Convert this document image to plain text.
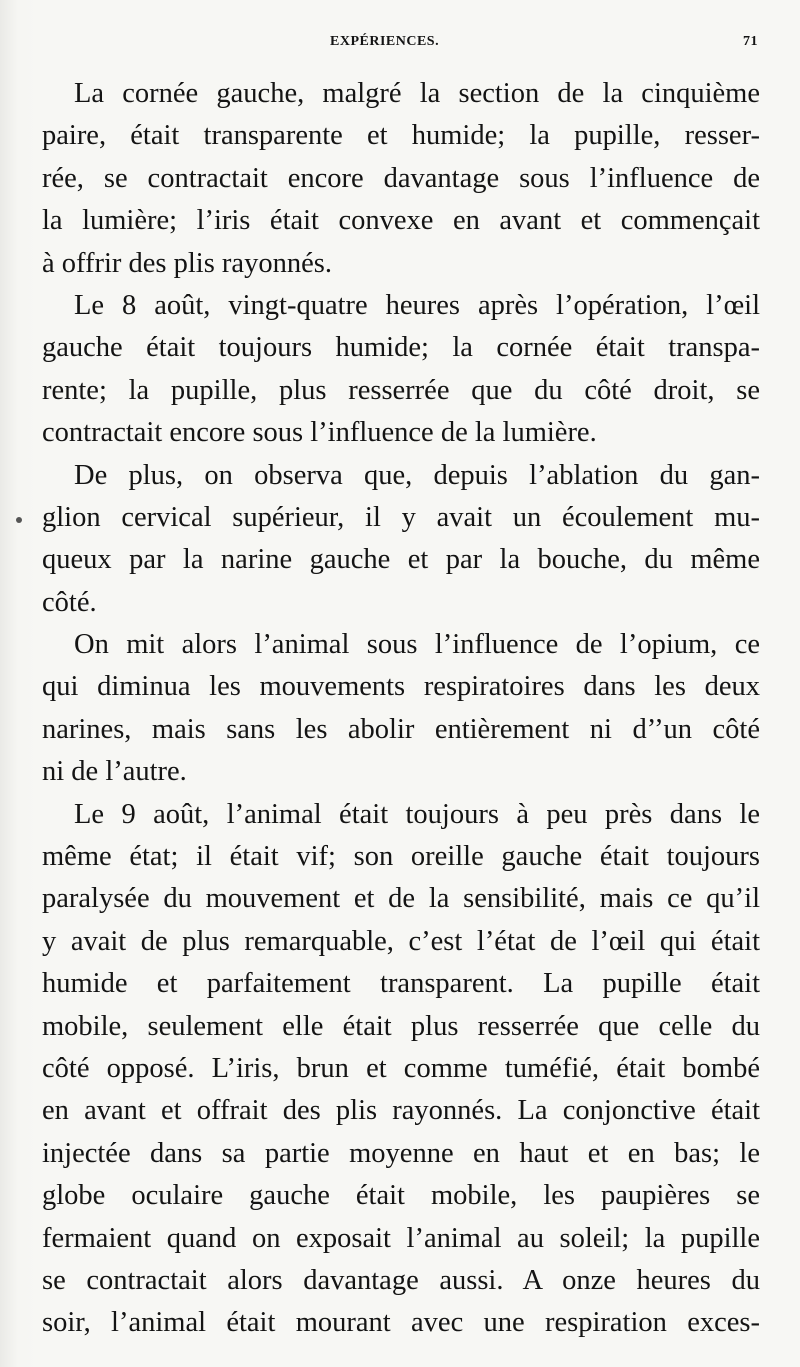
EXPÉRIENCES.	71
La cornée gauche, malgré la section de la cinquième
paire, était transparente et humide; la pupille, resser-
rée, se contractait encore davantage sous l’influence de
la lumière; l’iris était convexe en avant et commençait
à offrir des plis rayonnés.
Le 8 août, vingt-quatre heures après l’opération, l’œil
gauche était toujours humide; la cornée était transpa-
rente; la pupille, plus resserrée que du côté droit, se
contractait encore sous l’influence de la lumière.
De plus, on observa que, depuis l’ablation du gan-
glion cervical supérieur, il y avait un écoulement mu-
queux par la narine gauche et par la bouche, du même
côté.
On mit alors l’animal sous l’influence de l’opium, ce
qui diminua les mouvements respiratoires dans les deux
narines, mais sans les abolir entièrement ni d’’un côté
ni de l’autre.
Le 9 août, l’animal était toujours à peu près dans le
même état; il était vif; son oreille gauche était toujours
paralysée du mouvement et de la sensibilité, mais ce qu’il
y avait de plus remarquable, c’est l’état de l’œil qui était
humide et parfaitement transparent. La pupille était
mobile, seulement elle était plus resserrée que celle du
côté opposé. L’iris, brun et comme tuméfié, était bombé
en avant et offrait des plis rayonnés. La conjonctive était
injectée dans sa partie moyenne en haut et en bas; le
globe oculaire gauche était mobile, les paupières se
fermaient quand on exposait l’animal au soleil; la pupille
se contractait alors davantage aussi. A onze heures du
soir, l’animal était mourant avec une respiration exces-
